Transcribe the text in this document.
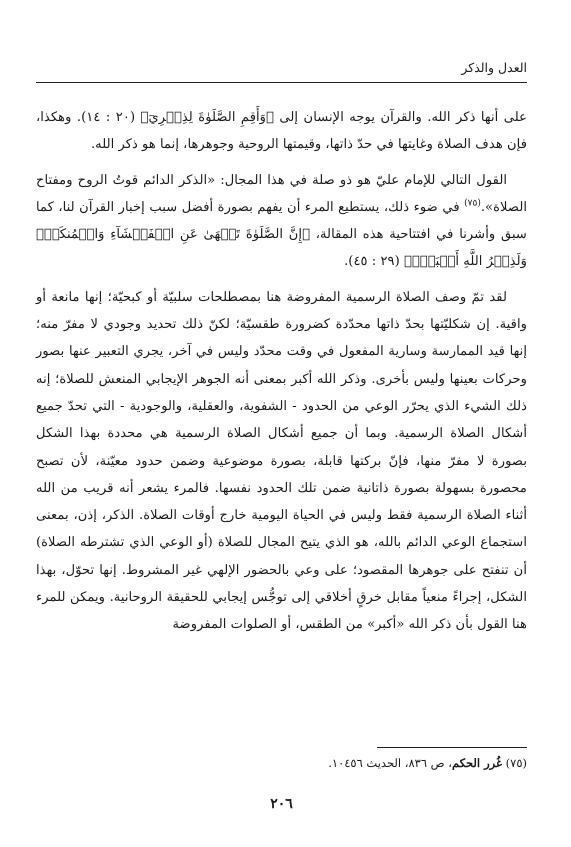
العدل والذكر

على أنها ذكر الله. والقرآن يوجه الإنسان إلى ﴿وَأَقِمِ الصَّلَوٰةَ لِذِكۡرِيٓ﴾ (٢٠ : ١٤). وهكذا، فإن هدف الصلاة وغايتها في حدّ ذاتها، وقيمتها الروحية وجوهرها، إنما هو ذكر الله.

القول التالي للإمام عليّ هو ذو صلة في هذا المجال: «الذكر الدائم قوتُ الروح ومفتاح الصلاة».$^{(٧٥)}$ في ضوء ذلك، يستطيع المرء أن يفهم بصورة أفضل سبب إخبار القرآن لنا، كما سبق وأشرنا في افتتاحية هذه المقالة، ﴿إِنَّ الصَّلَوٰةَ تَنۡهَىٰ عَنِ الۡفَحۡشَآءِ وَالۡمُنكَرِۗ وَلَذِكۡرُ اللَّهِ أَكۡبَرُۗ﴾ (٢٩ : ٤٥).

لقد تمّ وصف الصلاة الرسمية المفروضة هنا بمصطلحات سلبيّة أو كبحيّة؛ إنها مانعة أو واقية. إن شكليّتها بحدّ ذاتها محدّدة كضرورة طقسيّة؛ لكنّ ذلك تحديد وجودي لا مفرّ منه؛ إنها قيد الممارسة وسارية المفعول في وقت محدّد وليس في آخر، يجري التعبير عنها بصور وحركات بعينها وليس بأخرى. وذكر الله أكبر بمعنى أنه الجوهر الإيجابي المنعش للصلاة؛ إنه ذلك الشيء الذي يحرّر الوعي من الحدود - الشفوية، والعقلية، والوجودية - التي تحدّ جميع أشكال الصلاة الرسمية. وبما أن جميع أشكال الصلاة الرسمية هي محددة بهذا الشكل بصورة لا مفرّ منها، فإنّ بركتها قابلة، بصورة موضوعية وضمن حدود معيّنة، لأن تصبح محصورة بسهولة بصورة ذاتانية ضمن تلك الحدود نفسها. فالمرء يشعر أنه قريب من الله أثناء الصلاة الرسمية فقط وليس في الحياة اليومية خارج أوقات الصلاة. الذكر، إذن، بمعنى استجماع الوعي الدائم بالله، هو الذي يتيح المجال للصلاة (أو الوعي الذي تشترطه الصلاة) أن تنفتح على جوهرها المقصود؛ على وعي بالحضور الإلهي غير المشروط. إنها تحوّل، بهذا الشكل، إجراءً منعياً مقابل خرقٍ أخلاقي إلى توجُّس إيجابي للحقيقة الروحانية. ويمكن للمرء هنا القول بأن ذكر الله «أكبر» من الطقس، أو الصلوات المفروضة

(٧٥) غُرر الحكم، ص ٨٣٦، الحديث ١٠٤٥٦.
٢٠٦
